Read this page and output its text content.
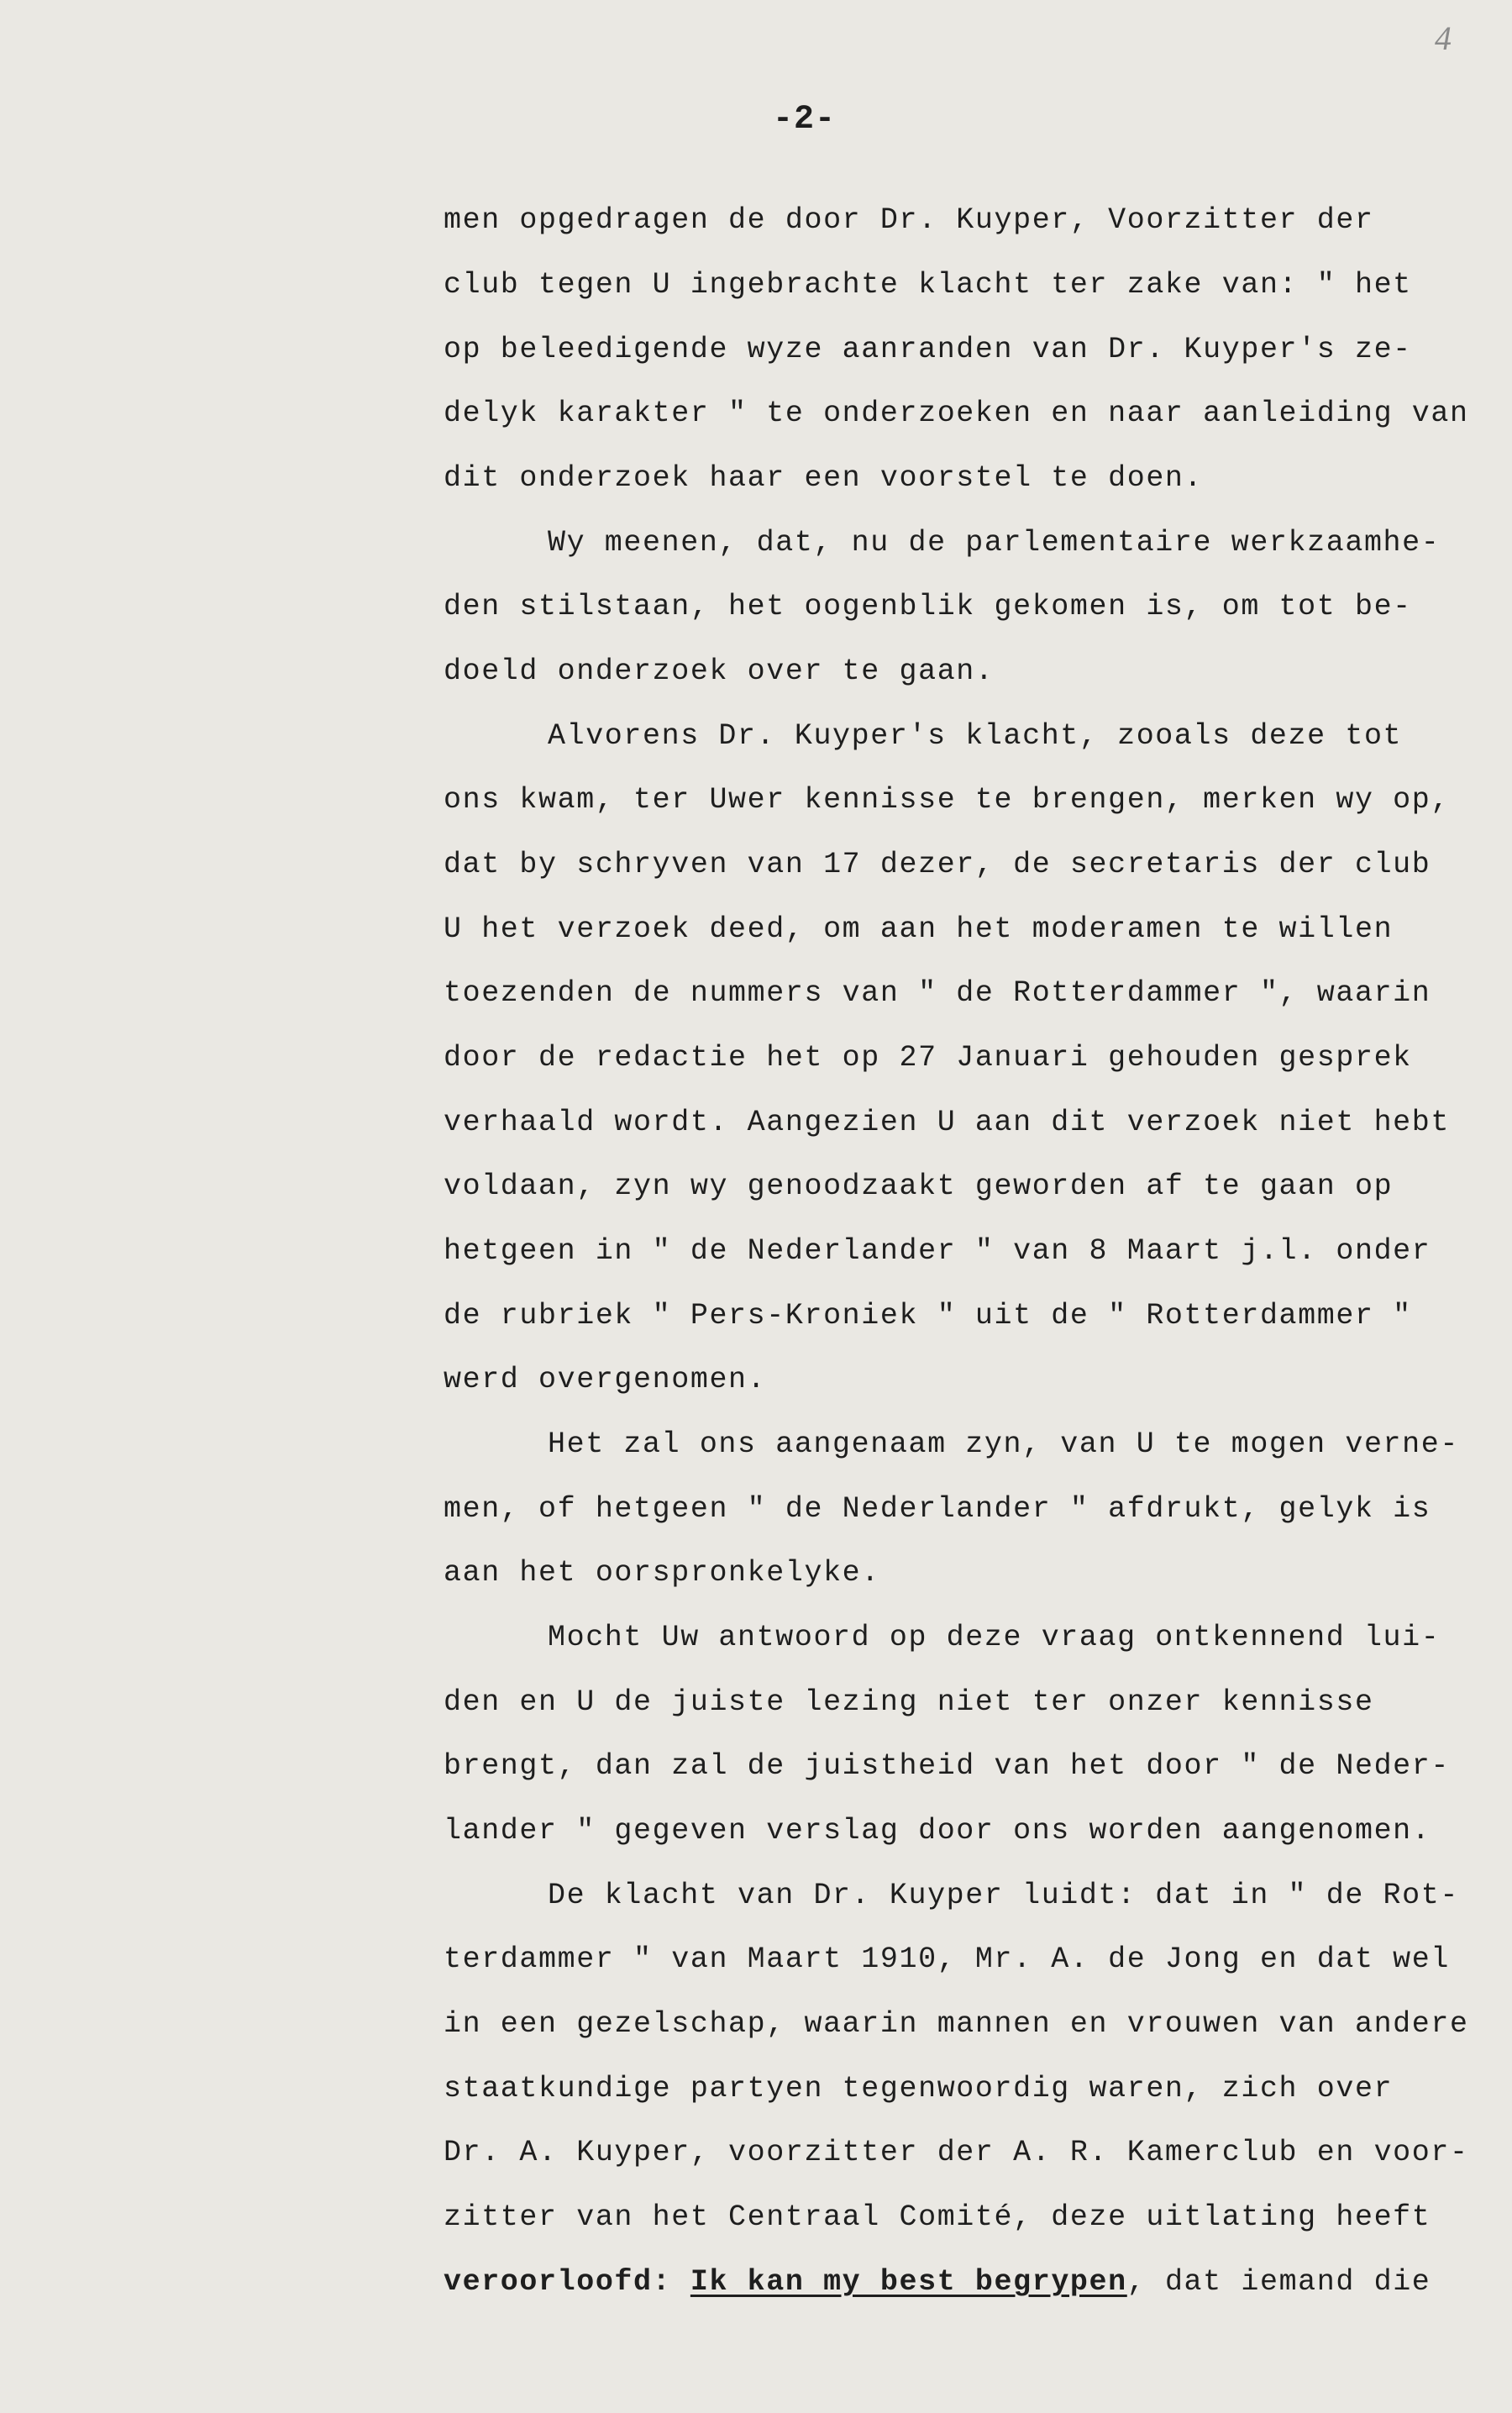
4
-2-
men opgedragen de door Dr. Kuyper, Voorzitter der
club tegen U ingebrachte klacht ter zake van: " het
op beleedigende wyze aanranden van Dr. Kuyper's ze-
delyk karakter " te onderzoeken en naar aanleiding van
dit onderzoek haar een voorstel te doen.
Wy meenen, dat, nu de parlementaire werkzaamhe-
den stilstaan, het oogenblik gekomen is, om tot be-
doeld onderzoek over te gaan.
Alvorens Dr. Kuyper's klacht, zooals deze tot
ons kwam, ter Uwer kennisse te brengen, merken wy op,
dat by schryven van 17 dezer, de secretaris der club
U het verzoek deed, om aan het moderamen te willen
toezenden de nummers van " de Rotterdammer ", waarin
door de redactie het op 27 Januari gehouden gesprek
verhaald wordt. Aangezien U aan dit verzoek niet hebt
voldaan, zyn wy genoodzaakt geworden af te gaan op
hetgeen in " de Nederlander " van 8 Maart j.l. onder
de rubriek " Pers-Kroniek " uit de " Rotterdammer "
werd overgenomen.
Het zal ons aangenaam zyn, van U te mogen verne-
men, of hetgeen " de Nederlander " afdrukt, gelyk is
aan het oorspronkelyke.
Mocht Uw antwoord op deze vraag ontkennend lui-
den en U de juiste lezing niet ter onzer kennisse
brengt, dan zal de juistheid van het door " de Neder-
lander " gegeven verslag door ons worden aangenomen.
De klacht van Dr. Kuyper luidt: dat in " de Rot-
terdammer " van Maart 1910, Mr. A. de Jong en dat wel
in een gezelschap, waarin mannen en vrouwen van andere
staatkundige partyen tegenwoordig waren, zich over
Dr. A. Kuyper, voorzitter der A. R. Kamerclub en voor-
zitter van het Centraal Comité, deze uitlating heeft
veroorloofd: Ik kan my best begrypen, dat iemand die
